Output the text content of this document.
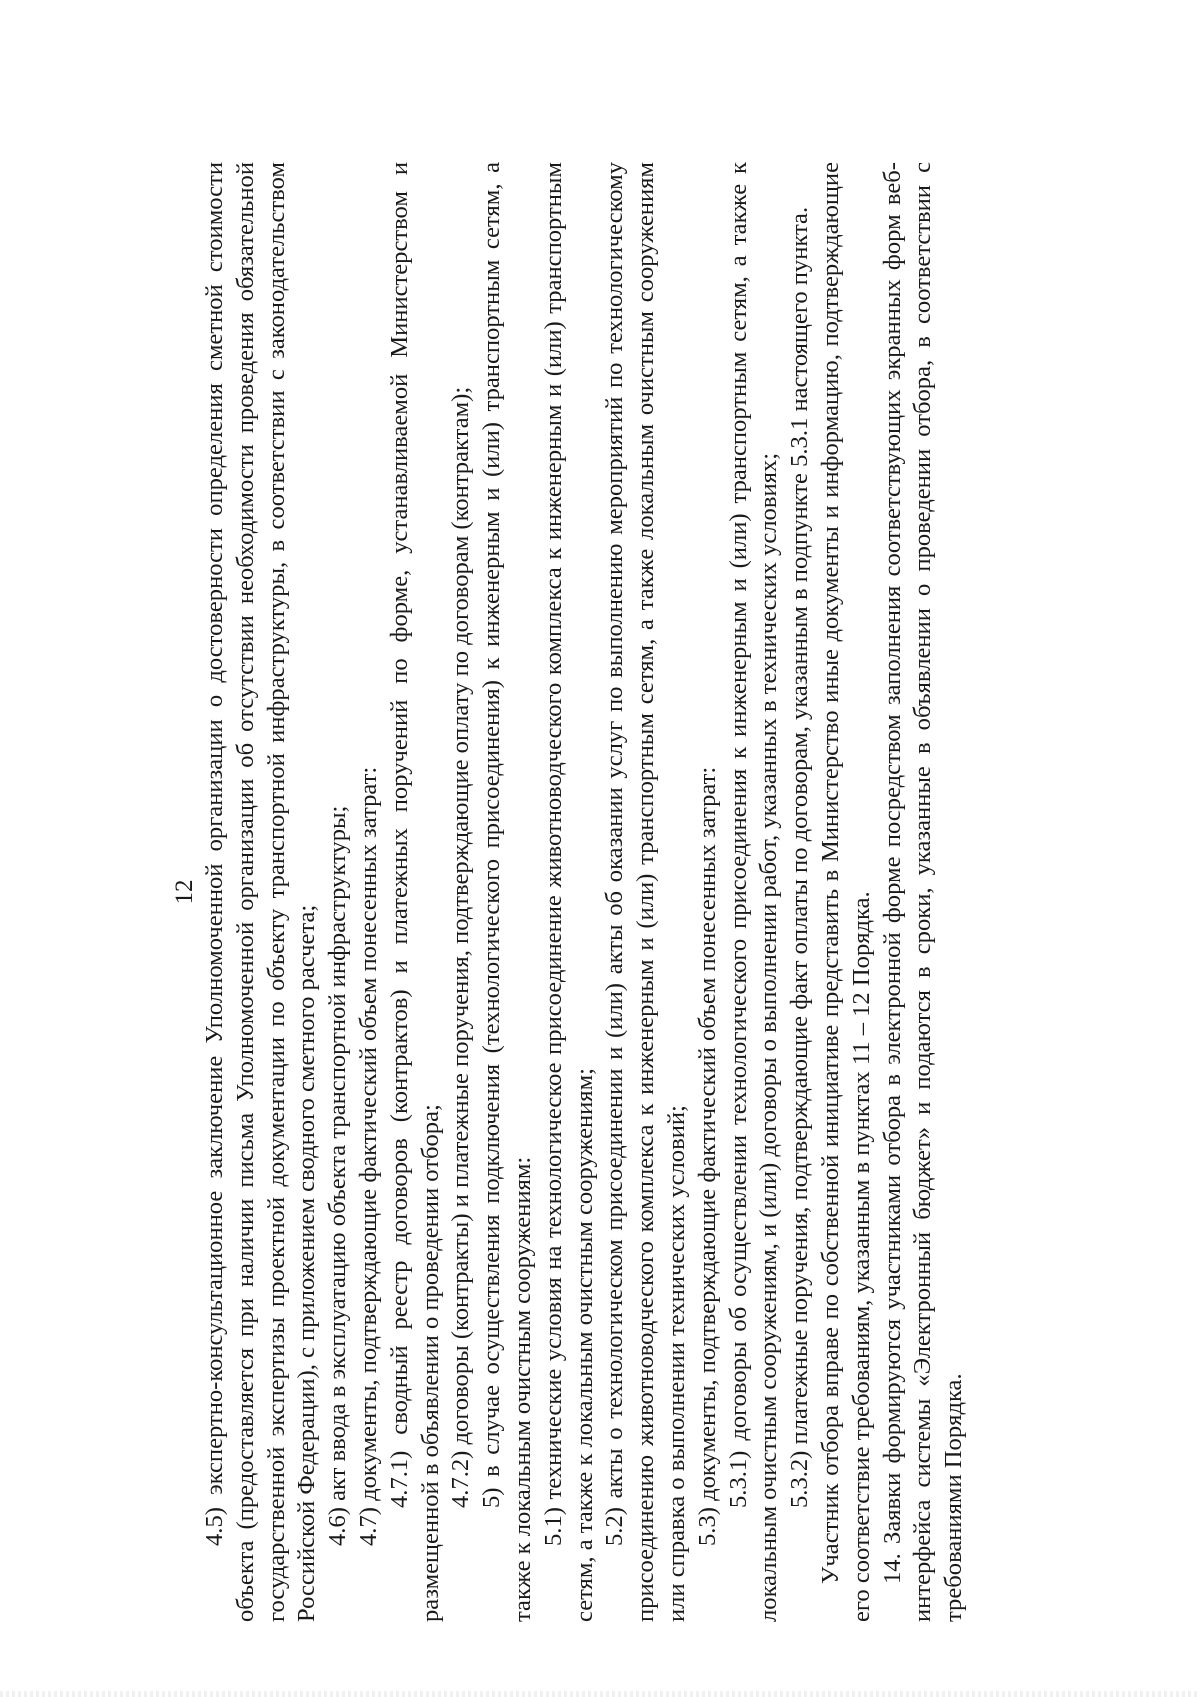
12 4.5) экспертно-консультационное заключение Уполномоченной организации о достоверности определения сметной стоимости объекта (предоставляется при наличии письма Уполномоченной организации об отсутствии необходимости проведения обязательной государственной экспертизы проектной документации по объекту транспортной инфраструктуры, в соответствии с законодательством Российской Федерации), с приложением сводного сметного расчета; 4.6) акт ввода в эксплуатацию объекта транспортной инфраструктуры; 4.7) документы, подтверждающие фактический объем понесенных затрат: 4.7.1) сводный реестр договоров (контрактов) и платежных поручений по форме, устанавливаемой Министерством и размещенной в объявлении о проведении отбора; 4.7.2) договоры (контракты) и платежные поручения, подтверждающие оплату по договорам (контрактам); 5) в случае осуществления подключения (технологического присоединения) к инженерным и (или) транспортным сетям, а также к локальным очистным сооружениям: 5.1) технические условия на технологическое присоединение животноводческого комплекса к инженерным и (или) транспортным сетям, а также к локальным очистным сооружениям; 5.2) акты о технологическом присоединении и (или) акты об оказании услуг по выполнению мероприятий по технологическому присоединению животноводческого комплекса к инженерным и (или) транспортным сетям, а также локальным очистным сооружениям или справка о выполнении технических условий; 5.3) документы, подтверждающие фактический объем понесенных затрат: 5.3.1) договоры об осуществлении технологического присоединения к инженерным и (или) транспортным сетям, а также к локальным очистным сооружениям, и (или) договоры о выполнении работ, указанных в технических условиях; 5.3.2) платежные поручения, подтверждающие факт оплаты по договорам, указанным в подпункте 5.3.1 настоящего пункта. Участник отбора вправе по собственной инициативе представить в Министерство иные документы и информацию, подтверждающие его соответствие требованиям, указанным в пунктах 11 – 12 Порядка. 14. Заявки формируются участниками отбора в электронной форме посредством заполнения соответствующих экранных форм веб-интерфейса системы «Электронный бюджет» и подаются в сроки, указанные в объявлении о проведении отбора, в соответствии с требованиями Порядка.
